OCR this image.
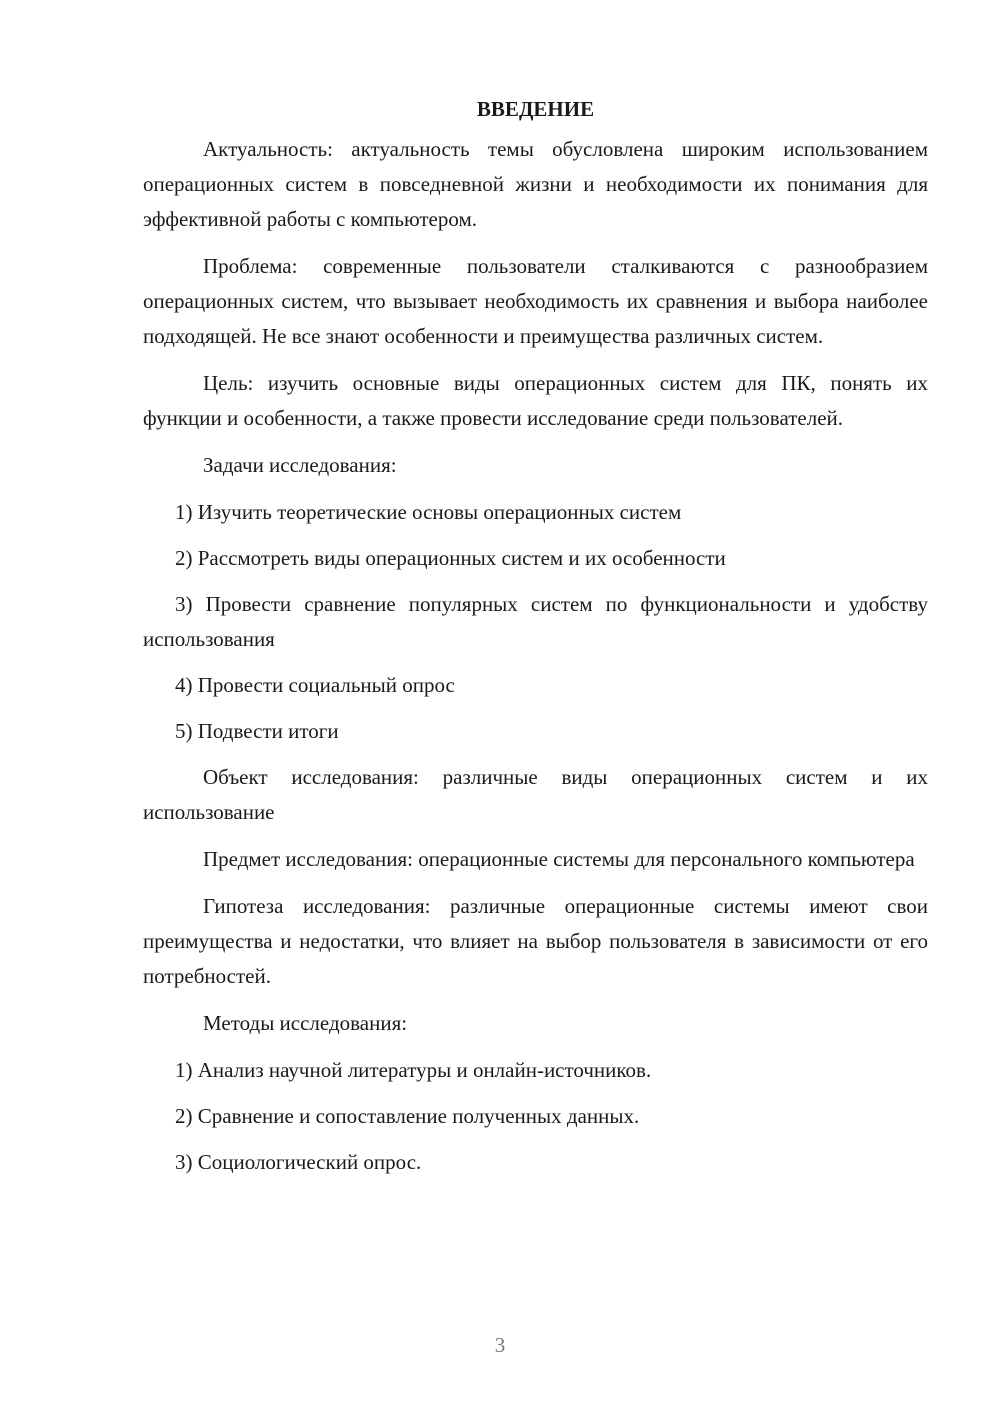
ВВЕДЕНИЕ

Актуальность: актуальность темы обусловлена широким использованием операционных систем в повседневной жизни и необходимости их понимания для эффективной работы с компьютером.

Проблема: современные пользователи сталкиваются с разнообразием операционных систем, что вызывает необходимость их сравнения и выбора наиболее подходящей. Не все знают особенности и преимущества различных систем.

Цель: изучить основные виды операционных систем для ПК, понять их функции и особенности, а также провести исследование среди пользователей.

Задачи исследования:

1) Изучить теоретические основы операционных систем

2) Рассмотреть виды операционных систем и их особенности

3) Провести сравнение популярных систем по функциональности и удобству использования

4) Провести социальный опрос

5) Подвести итоги

Объект исследования: различные виды операционных систем и их использование

Предмет исследования: операционные системы для персонального компьютера

Гипотеза исследования: различные операционные системы имеют свои преимущества и недостатки, что влияет на выбор пользователя в зависимости от его потребностей.

Методы исследования:

1) Анализ научной литературы и онлайн-источников.

2) Сравнение и сопоставление полученных данных.

3) Социологический опрос.

3
